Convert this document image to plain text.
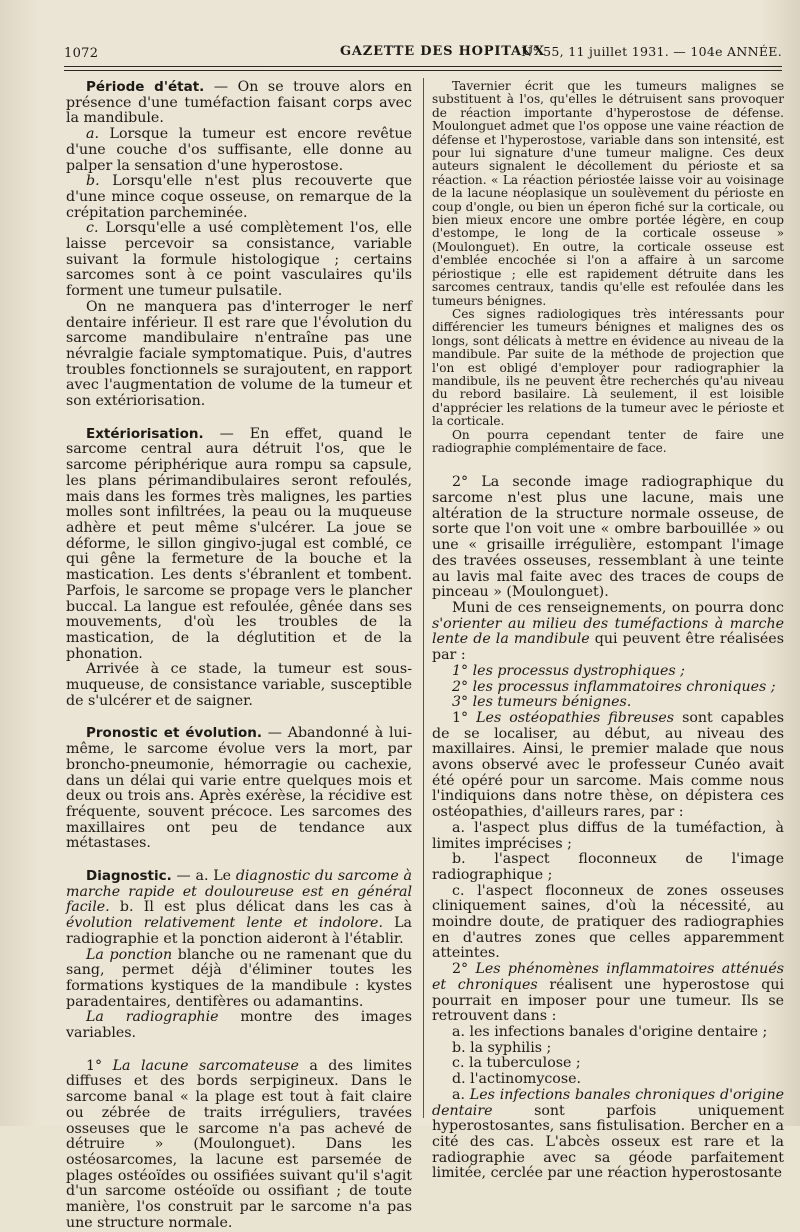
1072	GAZETTE DES HOPITAUX
N° 55, 11 juillet 1931. — 104e ANNÉE.

Période d'état. — On se trouve alors en présence d'une tuméfaction faisant corps avec la mandibule.

a. Lorsque la tumeur est encore revêtue d'une couche d'os suffisante, elle donne au palper la sensation d'une hyperostose.

b. Lorsqu'elle n'est plus recouverte que d'une mince coque osseuse, on remarque de la crépitation parcheminée.

c. Lorsqu'elle a usé complètement l'os, elle laisse percevoir sa consistance, variable suivant la formule histologique ; certains sarcomes sont à ce point vasculaires qu'ils forment une tumeur pulsatile.

On ne manquera pas d'interroger le nerf dentaire inférieur. Il est rare que l'évolution du sarcome mandibulaire n'entraîne pas une névralgie faciale symptomatique. Puis, d'autres troubles fonctionnels se surajoutent, en rapport avec l'augmentation de volume de la tumeur et son extériorisation.

Extériorisation. — En effet, quand le sarcome central aura détruit l'os, que le sarcome périphérique aura rompu sa capsule, les plans périmandibulaires seront refoulés, mais dans les formes très malignes, les parties molles sont infiltrées, la peau ou la muqueuse adhère et peut même s'ulcérer. La joue se déforme, le sillon gingivo-jugal est comblé, ce qui gêne la fermeture de la bouche et la mastication. Les dents s'ébranlent et tombent. Parfois, le sarcome se propage vers le plancher buccal. La langue est refoulée, gênée dans ses mouvements, d'où les troubles de la mastication, de la déglutition et de la phonation.

Arrivée à ce stade, la tumeur est sous-muqueuse, de consistance variable, susceptible de s'ulcérer et de saigner.

Pronostic et évolution. — Abandonné à lui-même, le sarcome évolue vers la mort, par broncho-pneumonie, hémorragie ou cachexie, dans un délai qui varie entre quelques mois et deux ou trois ans. Après exérèse, la récidive est fréquente, souvent précoce. Les sarcomes des maxillaires ont peu de tendance aux métastases.

Diagnostic. — a. Le diagnostic du sarcome à marche rapide et douloureuse est en général facile. b. Il est plus délicat dans les cas à évolution relativement lente et indolore. La radiographie et la ponction aideront à l'établir.

La ponction blanche ou ne ramenant que du sang, permet déjà d'éliminer toutes les formations kystiques de la mandibule : kystes paradentaires, dentifères ou adamantins.

La radiographie montre des images variables.

1° La lacune sarcomateuse a des limites diffuses et des bords serpigineux. Dans le sarcome banal « la plage est tout à fait claire ou zébrée de traits irréguliers, travées osseuses que le sarcome n'a pas achevé de détruire » (Moulonguet). Dans les ostéosarcomes, la lacune est parsemée de plages ostéoïdes ou ossifiées suivant qu'il s'agit d'un sarcome ostéoïde ou ossifiant ; de toute manière, l'os construit par le sarcome n'a pas une structure normale.

Tavernier écrit que les tumeurs malignes se substituent à l'os, qu'elles le détruisent sans provoquer de réaction importante d'hyperostose de défense. Moulonguet admet que l'os oppose une vaine réaction de défense et l'hyperostose, variable dans son intensité, est pour lui signature d'une tumeur maligne. Ces deux auteurs signalent le décollement du périoste et sa réaction. « La réaction périostée laisse voir au voisinage de la lacune néoplasique un soulèvement du périoste en coup d'ongle, ou bien un éperon fiché sur la corticale, ou bien mieux encore une ombre portée légère, en coup d'estompe, le long de la corticale osseuse » (Moulonguet). En outre, la corticale osseuse est d'emblée encochée si l'on a affaire à un sarcome périostique ; elle est rapidement détruite dans les sarcomes centraux, tandis qu'elle est refoulée dans les tumeurs bénignes.

Ces signes radiologiques très intéressants pour différencier les tumeurs bénignes et malignes des os longs, sont délicats à mettre en évidence au niveau de la mandibule. Par suite de la méthode de projection que l'on est obligé d'employer pour radiographier la mandibule, ils ne peuvent être recherchés qu'au niveau du rebord basilaire. Là seulement, il est loisible d'apprécier les relations de la tumeur avec le périoste et la corticale.

On pourra cependant tenter de faire une radiographie complémentaire de face.

2° La seconde image radiographique du sarcome n'est plus une lacune, mais une altération de la structure normale osseuse, de sorte que l'on voit une « ombre barbouillée » ou une « grisaille irrégulière, estompant l'image des travées osseuses, ressemblant à une teinte au lavis mal faite avec des traces de coups de pinceau » (Moulonguet).

Muni de ces renseignements, on pourra donc s'orienter au milieu des tuméfactions à marche lente de la mandibule qui peuvent être réalisées par :

1° les processus dystrophiques ;

2° les processus inflammatoires chroniques ;

3° les tumeurs bénignes.

1° Les ostéopathies fibreuses sont capables de se localiser, au début, au niveau des maxillaires. Ainsi, le premier malade que nous avons observé avec le professeur Cunéo avait été opéré pour un sarcome. Mais comme nous l'indiquions dans notre thèse, on dépistera ces ostéopathies, d'ailleurs rares, par :

a. l'aspect plus diffus de la tuméfaction, à limites imprécises ;

b. l'aspect floconneux de l'image radiographique ;

c. l'aspect floconneux de zones osseuses cliniquement saines, d'où la nécessité, au moindre doute, de pratiquer des radiographies en d'autres zones que celles apparemment atteintes.

2° Les phénomènes inflammatoires atténués et chroniques réalisent une hyperostose qui pourrait en imposer pour une tumeur. Ils se retrouvent dans :

a. les infections banales d'origine dentaire ;

b. la syphilis ;

c. la tuberculose ;

d. l'actinomycose.

a. Les infections banales chroniques d'origine dentaire sont parfois uniquement hyperostosantes, sans fistulisation. Bercher en a cité des cas. L'abcès osseux est rare et la radiographie avec sa géode parfaitement limitée, cerclée par une réaction hyperostosante
